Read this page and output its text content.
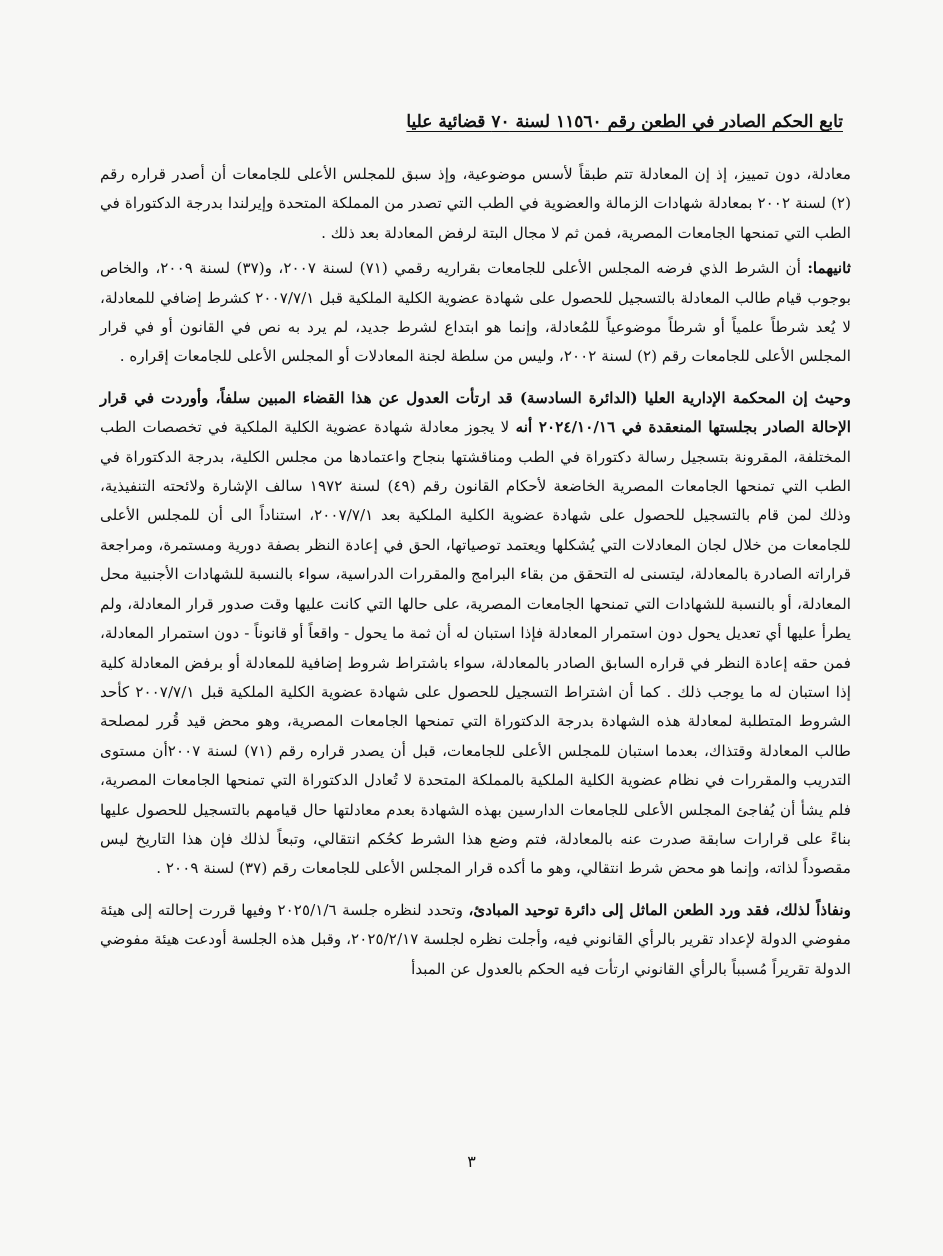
تابع الحكم الصادر في الطعن رقم ١١٥٦٠ لسنة ٧٠ قضائية عليا

معادلة، دون تمييز، إذ إن المعادلة تتم طبقاً لأسس موضوعية، وإذ سبق للمجلس الأعلى للجامعات أن أصدر قراره رقم (٢) لسنة ٢٠٠٢ بمعادلة شهادات الزمالة والعضوية في الطب التي تصدر من المملكة المتحدة وإيرلندا بدرجة الدكتوراة في الطب التي تمنحها الجامعات المصرية، فمن ثم لا مجال البتة لرفض المعادلة بعد ذلك .

ثانيهما: أن الشرط الذي فرضه المجلس الأعلى للجامعات بقراريه رقمي (٧١) لسنة ٢٠٠٧، و(٣٧) لسنة ٢٠٠٩، والخاص بوجوب قيام طالب المعادلة بالتسجيل للحصول على شهادة عضوية الكلية الملكية قبل ٢٠٠٧/٧/١ كشرط إضافي للمعادلة، لا يُعد شرطاً علمياً أو شرطاً موضوعياً للمُعادلة، وإنما هو ابتداع لشرط جديد، لم يرد به نص في القانون أو في قرار المجلس الأعلى للجامعات رقم (٢) لسنة ٢٠٠٢، وليس من سلطة لجنة المعادلات أو المجلس الأعلى للجامعات إقراره .

وحيث إن المحكمة الإدارية العليا (الدائرة السادسة) قد ارتأت العدول عن هذا القضاء المبين سلفاً، وأوردت في قرار الإحالة الصادر بجلستها المنعقدة في ٢٠٢٤/١٠/١٦ أنه لا يجوز معادلة شهادة عضوية الكلية الملكية في تخصصات الطب المختلفة، المقرونة بتسجيل رسالة دكتوراة في الطب ومناقشتها بنجاح واعتمادها من مجلس الكلية، بدرجة الدكتوراة في الطب التي تمنحها الجامعات المصرية الخاضعة لأحكام القانون رقم (٤٩) لسنة ١٩٧٢ سالف الإشارة ولائحته التنفيذية، وذلك لمن قام بالتسجيل للحصول على شهادة عضوية الكلية الملكية بعد ٢٠٠٧/٧/١، استناداً الى أن للمجلس الأعلى للجامعات من خلال لجان المعادلات التي يُشكلها ويعتمد توصياتها، الحق في إعادة النظر بصفة دورية ومستمرة، ومراجعة قراراته الصادرة بالمعادلة، ليتسنى له التحقق من بقاء البرامج والمقررات الدراسية، سواء بالنسبة للشهادات الأجنبية محل المعادلة، أو بالنسبة للشهادات التي تمنحها الجامعات المصرية، على حالها التي كانت عليها وقت صدور قرار المعادلة، ولم يطرأ عليها أي تعديل يحول دون استمرار المعادلة فإذا استبان له أن ثمة ما يحول - واقعاً أو قانوناً - دون استمرار المعادلة، فمن حقه إعادة النظر في قراره السابق الصادر بالمعادلة، سواء باشتراط شروط إضافية للمعادلة أو برفض المعادلة كلية إذا استبان له ما يوجب ذلك . كما أن اشتراط التسجيل للحصول على شهادة عضوية الكلية الملكية قبل ٢٠٠٧/٧/١ كأحد الشروط المتطلبة لمعادلة هذه الشهادة بدرجة الدكتوراة التي تمنحها الجامعات المصرية، وهو محض قيد قُرر لمصلحة طالب المعادلة وقتذاك، بعدما استبان للمجلس الأعلى للجامعات، قبل أن يصدر قراره رقم (٧١) لسنة ٢٠٠٧أن مستوى التدريب والمقررات في نظام عضوية الكلية الملكية بالمملكة المتحدة لا تُعادل الدكتوراة التي تمنحها الجامعات المصرية، فلم يشأ أن يُفاجئ المجلس الأعلى للجامعات الدارسين بهذه الشهادة بعدم معادلتها حال قيامهم بالتسجيل للحصول عليها بناءً على قرارات سابقة صدرت عنه بالمعادلة، فتم وضع هذا الشرط كحُكم انتقالي، وتبعاً لذلك فإن هذا التاريخ ليس مقصوداً لذاته، وإنما هو محض شرط انتقالي، وهو ما أكده قرار المجلس الأعلى للجامعات رقم (٣٧) لسنة ٢٠٠٩ .

ونفاذاً لذلك، فقد ورد الطعن الماثل إلى دائرة توحيد المبادئ، وتحدد لنظره جلسة ٢٠٢٥/١/٦ وفيها قررت إحالته إلى هيئة مفوضي الدولة لإعداد تقرير بالرأي القانوني فيه، وأجلت نظره لجلسة ٢٠٢٥/٢/١٧، وقبل هذه الجلسة أودعت هيئة مفوضي الدولة تقريراً مُسبباً بالرأي القانوني ارتأت فيه الحكم بالعدول عن المبدأ

٣
